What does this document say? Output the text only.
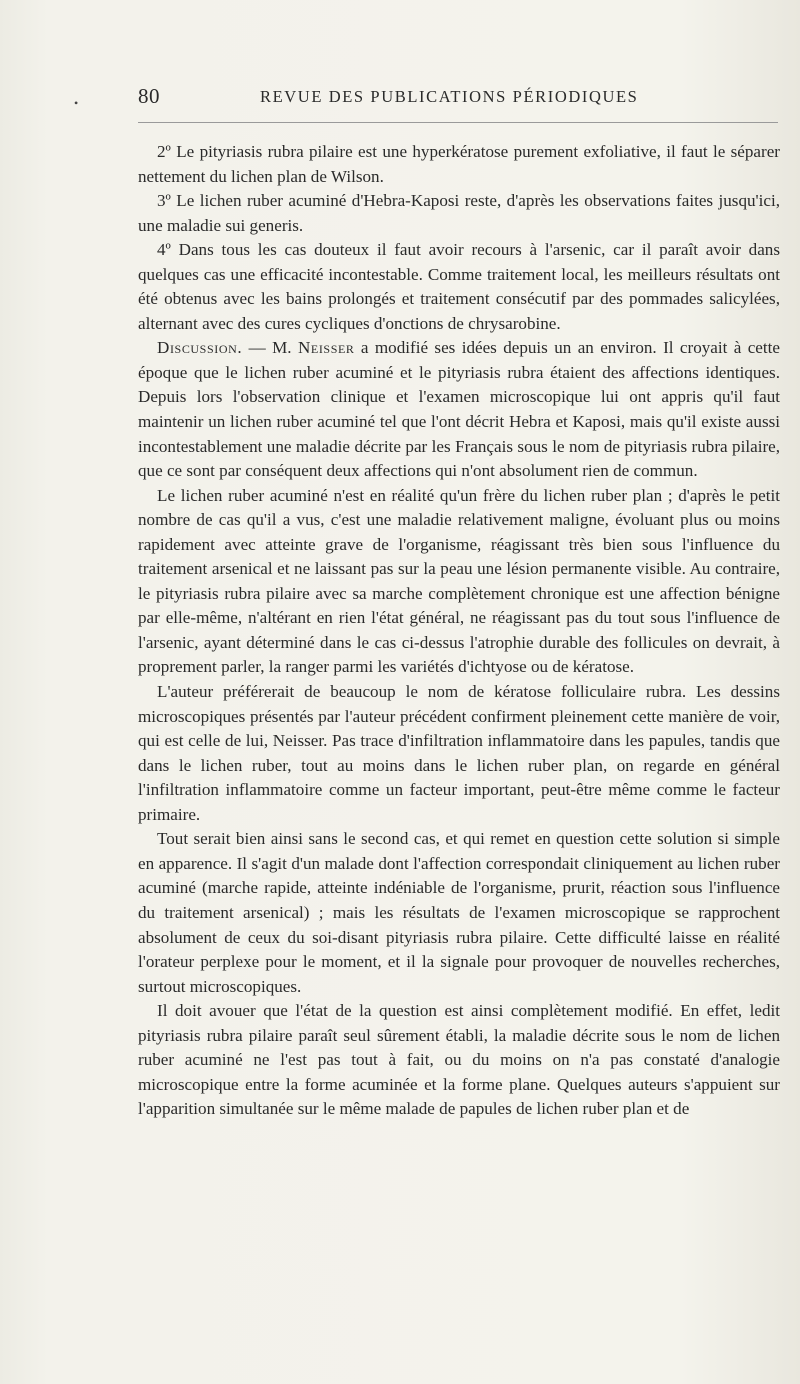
•	80	REVUE DES PUBLICATIONS PÉRIODIQUES

2º Le pityriasis rubra pilaire est une hyperkératose purement exfoliative, il faut le séparer nettement du lichen plan de Wilson.

3º Le lichen ruber acuminé d'Hebra-Kaposi reste, d'après les observations faites jusqu'ici, une maladie sui generis.

4º Dans tous les cas douteux il faut avoir recours à l'arsenic, car il paraît avoir dans quelques cas une efficacité incontestable. Comme traitement local, les meilleurs résultats ont été obtenus avec les bains prolongés et traitement consécutif par des pommades salicylées, alternant avec des cures cycliques d'onctions de chrysarobine.

Discussion. — M. Neisser a modifié ses idées depuis un an environ. Il croyait à cette époque que le lichen ruber acuminé et le pityriasis rubra étaient des affections identiques. Depuis lors l'observation clinique et l'examen microscopique lui ont appris qu'il faut maintenir un lichen ruber acuminé tel que l'ont décrit Hebra et Kaposi, mais qu'il existe aussi incontestablement une maladie décrite par les Français sous le nom de pityriasis rubra pilaire, que ce sont par conséquent deux affections qui n'ont absolument rien de commun.

Le lichen ruber acuminé n'est en réalité qu'un frère du lichen ruber plan ; d'après le petit nombre de cas qu'il a vus, c'est une maladie relativement maligne, évoluant plus ou moins rapidement avec atteinte grave de l'organisme, réagissant très bien sous l'influence du traitement arsenical et ne laissant pas sur la peau une lésion permanente visible. Au contraire, le pityriasis rubra pilaire avec sa marche complètement chronique est une affection bénigne par elle-même, n'altérant en rien l'état général, ne réagissant pas du tout sous l'influence de l'arsenic, ayant déterminé dans le cas ci-dessus l'atrophie durable des follicules on devrait, à proprement parler, la ranger parmi les variétés d'ichtyose ou de kératose.

L'auteur préférerait de beaucoup le nom de kératose folliculaire rubra. Les dessins microscopiques présentés par l'auteur précédent confirment pleinement cette manière de voir, qui est celle de lui, Neisser. Pas trace d'infiltration inflammatoire dans les papules, tandis que dans le lichen ruber, tout au moins dans le lichen ruber plan, on regarde en général l'infiltration inflammatoire comme un facteur important, peut-être même comme le facteur primaire.

Tout serait bien ainsi sans le second cas, et qui remet en question cette solution si simple en apparence. Il s'agit d'un malade dont l'affection correspondait cliniquement au lichen ruber acuminé (marche rapide, atteinte indéniable de l'organisme, prurit, réaction sous l'influence du traitement arsenical) ; mais les résultats de l'examen microscopique se rapprochent absolument de ceux du soi-disant pityriasis rubra pilaire. Cette difficulté laisse en réalité l'orateur perplexe pour le moment, et il la signale pour provoquer de nouvelles recherches, surtout microscopiques.

Il doit avouer que l'état de la question est ainsi complètement modifié. En effet, ledit pityriasis rubra pilaire paraît seul sûrement établi, la maladie décrite sous le nom de lichen ruber acuminé ne l'est pas tout à fait, ou du moins on n'a pas constaté d'analogie microscopique entre la forme acuminée et la forme plane. Quelques auteurs s'appuient sur l'apparition simultanée sur le même malade de papules de lichen ruber plan et de
